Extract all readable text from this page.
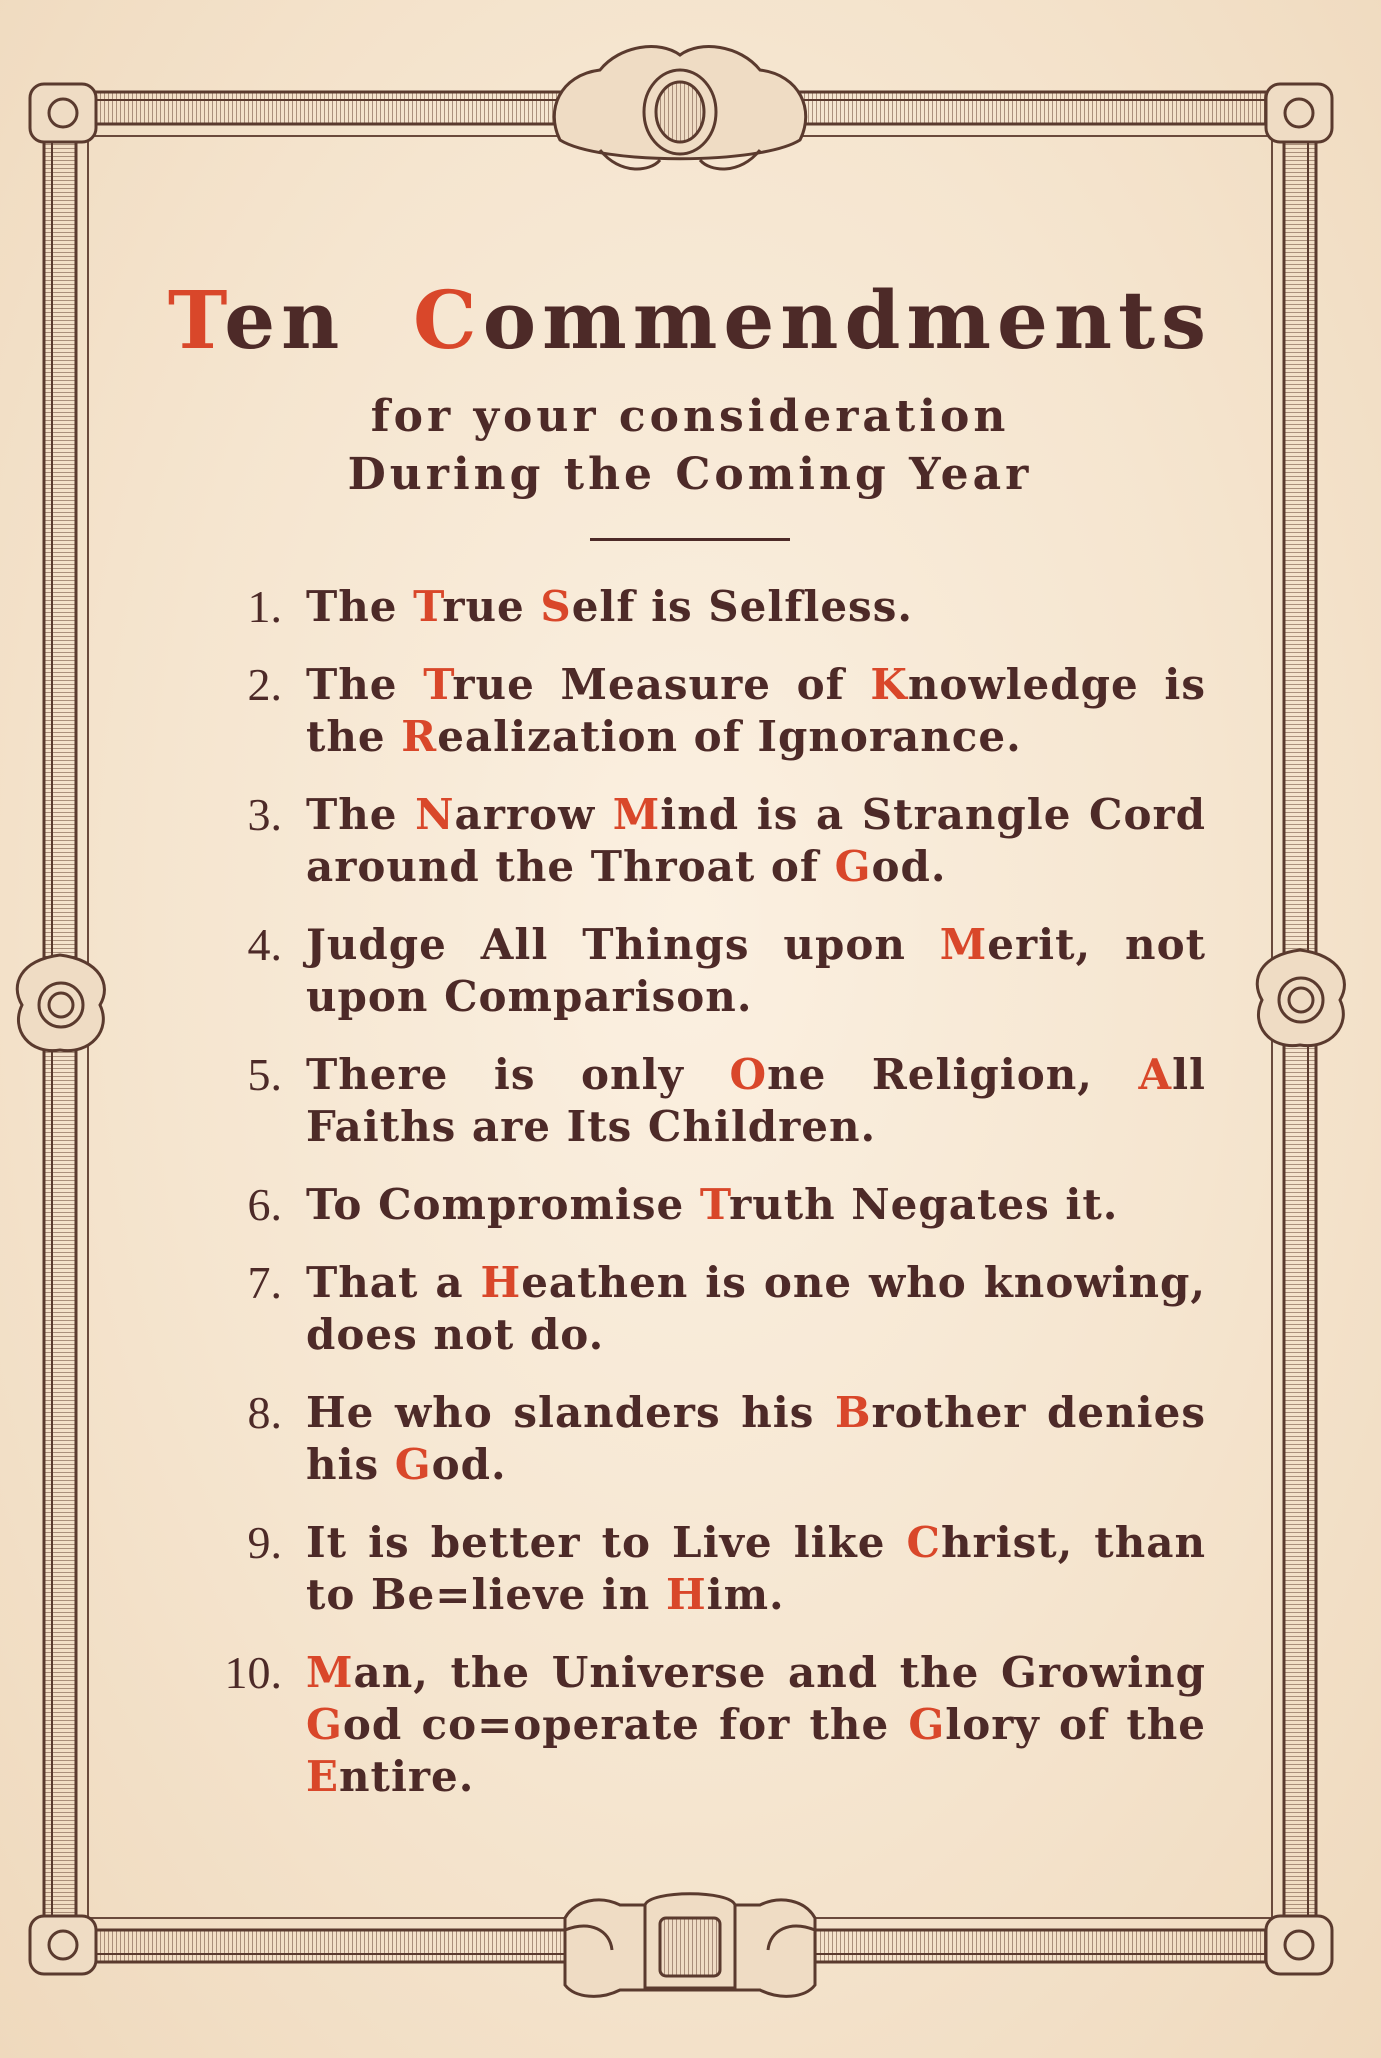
Ten Commendments
for your consideration
During the Coming Year
1. The True Self is Selfless.
2. The True Measure of Knowledge is the Realization of Ignorance.
3. The Narrow Mind is a Strangle Cord around the Throat of God.
4. Judge All Things upon Merit, not upon Comparison.
5. There is only One Religion, All Faiths are Its Children.
6. To Compromise Truth Negates it.
7. That a Heathen is one who knowing, does not do.
8. He who slanders his Brother denies his God.
9. It is better to Live like Christ, than to Be=lieve in Him.
10. Man, the Universe and the Growing God co=operate for the Glory of the Entire.
